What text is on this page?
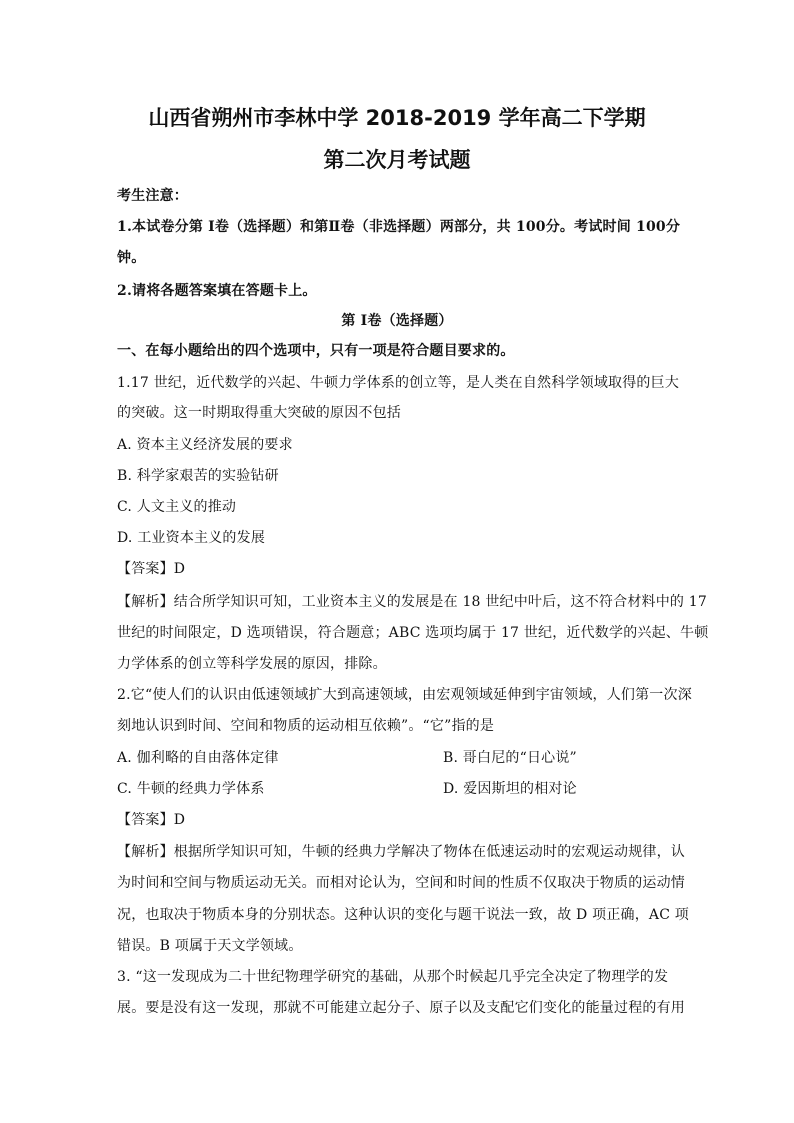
山西省朔州市李林中学 2018-2019 学年高二下学期
第二次月考试题
考生注意：
1.本试卷分第 Ⅰ卷（选择题）和第Ⅱ卷（非选择题）两部分，共 100分。考试时间 100分
钟。
2.请将各题答案填在答题卡上。
第 Ⅰ卷（选择题）
一、在每小题给出的四个选项中，只有一项是符合题目要求的。
1.17 世纪，近代数学的兴起、牛顿力学体系的创立等，是人类在自然科学领域取得的巨大
的突破。这一时期取得重大突破的原因不包括
A. 资本主义经济发展的要求
B. 科学家艰苦的实验钻研
C. 人文主义的推动
D. 工业资本主义的发展
【答案】D
【解析】结合所学知识可知，工业资本主义的发展是在 18 世纪中叶后，这不符合材料中的 17
世纪的时间限定，D 选项错误，符合题意；ABC 选项均属于 17 世纪，近代数学的兴起、牛顿
力学体系的创立等科学发展的原因，排除。
2.它“使人们的认识由低速领域扩大到高速领域，由宏观领域延伸到宇宙领域，人们第一次深
刻地认识到时间、空间和物质的运动相互依赖”。“它”指的是
A. 伽利略的自由落体定律	B. 哥白尼的“日心说”
C. 牛顿的经典力学体系	D. 爱因斯坦的相对论
【答案】D
【解析】根据所学知识可知，牛顿的经典力学解决了物体在低速运动时的宏观运动规律，认
为时间和空间与物质运动无关。而相对论认为，空间和时间的性质不仅取决于物质的运动情
况，也取决于物质本身的分别状态。这种认识的变化与题干说法一致，故 D 项正确，AC 项
错误。B 项属于天文学领域。
3. “这一发现成为二十世纪物理学研究的基础，从那个时候起几乎完全决定了物理学的发
展。要是没有这一发现，那就不可能建立起分子、原子以及支配它们变化的能量过程的有用
